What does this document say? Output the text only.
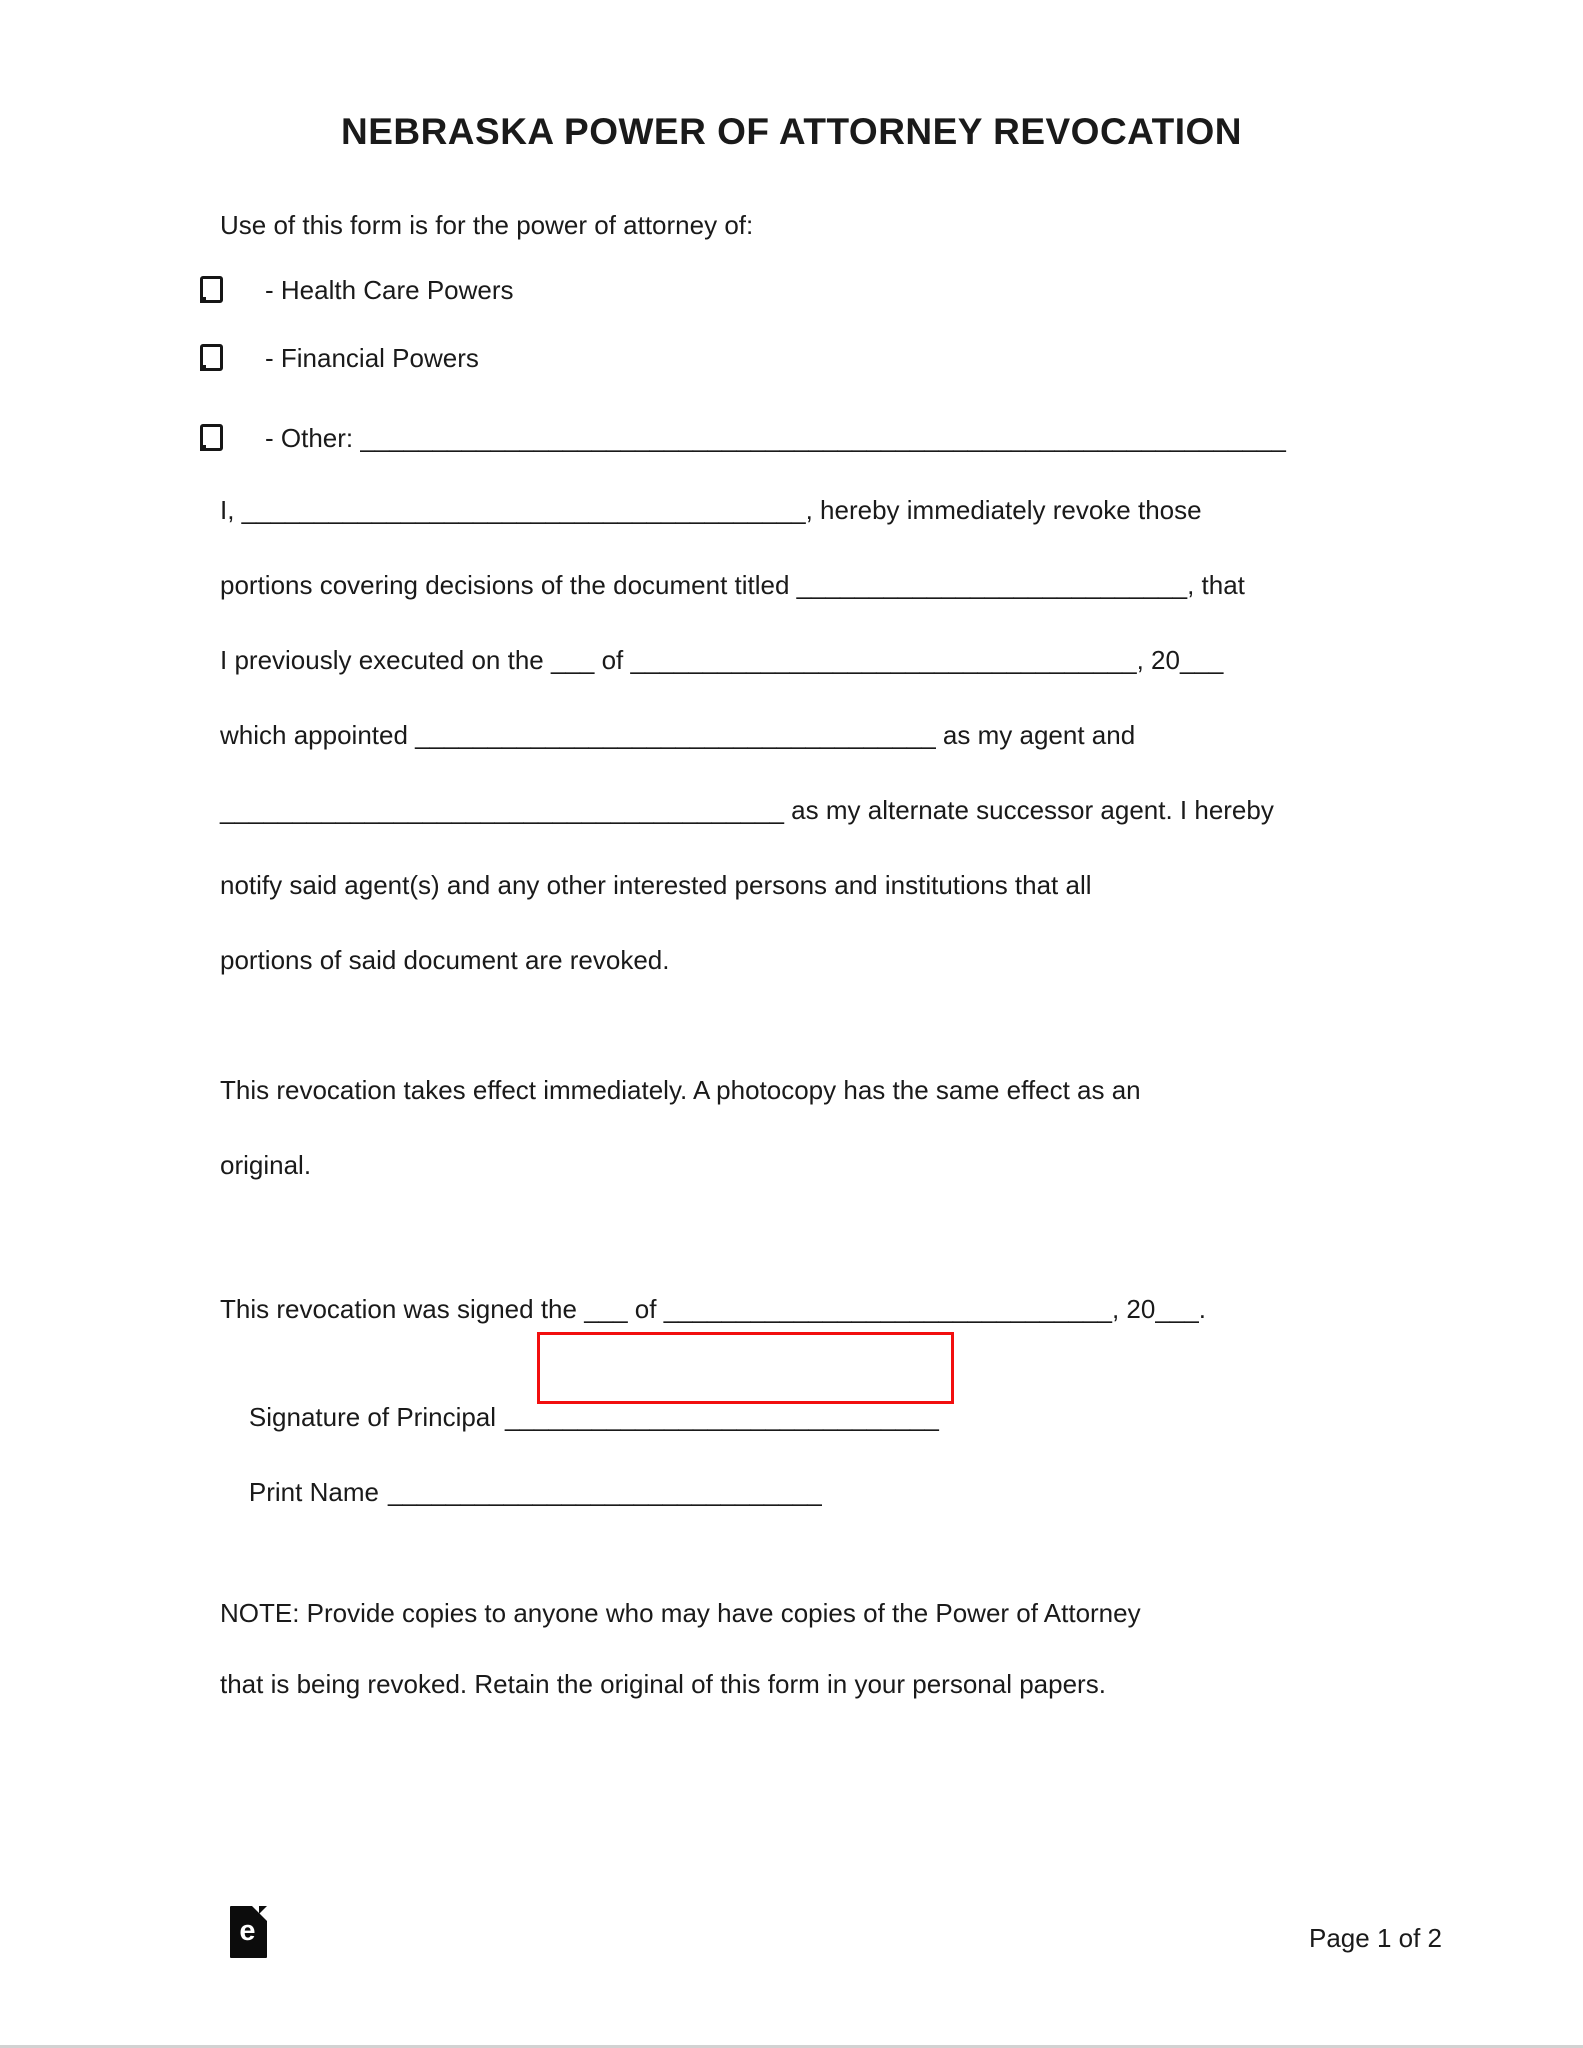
NEBRASKA POWER OF ATTORNEY REVOCATION
Use of this form is for the power of attorney of:
- Health Care Powers
- Financial Powers
- Other: ________________________________________________________________
I, _______________________________________, hereby immediately revoke those
portions covering decisions of the document titled ___________________________, that
I previously executed on the ___ of ___________________________________, 20___
which appointed ____________________________________ as my agent and
_______________________________________ as my alternate successor agent. I hereby
notify said agent(s) and any other interested persons and institutions that all
portions of said document are revoked.
This revocation takes effect immediately. A photocopy has the same effect as an
original.
This revocation was signed the ___ of _______________________________, 20___.

Signature of Principal ______________________________

Print Name ______________________________

NOTE: Provide copies to anyone who may have copies of the Power of Attorney
that is being revoked. Retain the original of this form in your personal papers.
e	Page 1 of 2
